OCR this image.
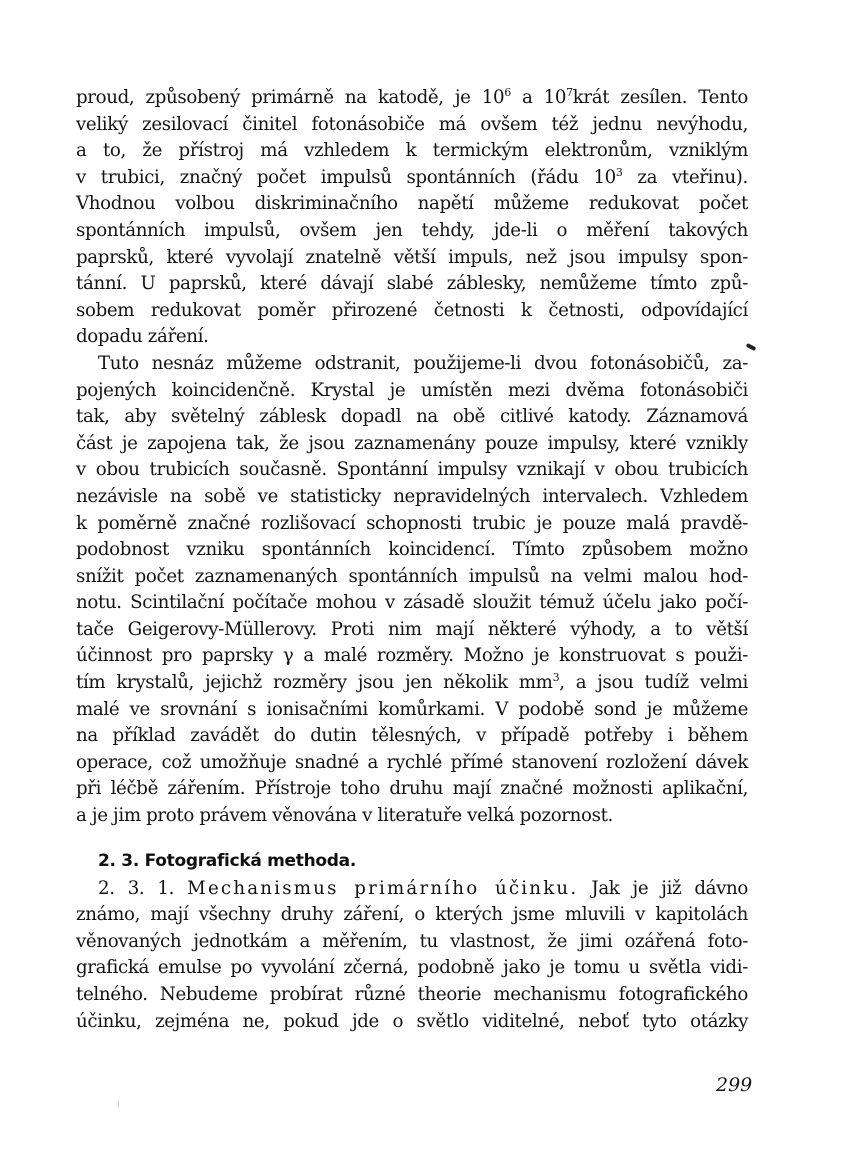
proud, způsobený primárně na katodě, je $10^6$ a $10^7krát$ zesílen. Tento
veliký zesilovací činitel fotonásobiče má ovšem též jednu nevýhodu,
a to, že přístroj má vzhledem k termickým elektronům, vzniklým
v trubici, značný počet impulsů spontánních (řádu $10^3$ za vteřinu).
Vhodnou volbou diskriminačního napětí můžeme redukovat počet
spontánních impulsů, ovšem jen tehdy, jde-li o měření takových
paprsků, které vyvolají znatelně větší impuls, než jsou impulsy spon-
tánní. U paprsků, které dávají slabé záblesky, nemůžeme tímto způ-
sobem redukovat poměr přirozené četnosti k četnosti, odpovídající
dopadu záření.
Tuto nesnáz můžeme odstranit, použijeme-li dvou fotonásobičů, za-
pojených koincidenčně. Krystal je umístěn mezi dvěma fotonásobiči
tak, aby světelný záblesk dopadl na obě citlivé katody. Záznamová
část je zapojena tak, že jsou zaznamenány pouze impulsy, které vznikly
v obou trubicích současně. Spontánní impulsy vznikají v obou trubicích
nezávisle na sobě ve statisticky nepravidelných intervalech. Vzhledem
k poměrně značné rozlišovací schopnosti trubic je pouze malá pravdě-
podobnost vzniku spontánních koincidencí. Tímto způsobem možno
snížit počet zaznamenaných spontánních impulsů na velmi malou hod-
notu. Scintilační počítače mohou v zásadě sloužit témuž účelu jako počí-
tače Geigerovy-Müllerovy. Proti nim mají některé výhody, a to větší
účinnost pro paprsky γ a malé rozměry. Možno je konstruovat s použi-
tím krystalů, jejichž rozměry jsou jen několik $mm^3$, a jsou tudíž velmi
malé ve srovnání s ionisačními komůrkami. V podobě sond je můžeme
na příklad zavádět do dutin tělesných, v případě potřeby i během
operace, což umožňuje snadné a rychlé přímé stanovení rozložení dávek
při léčbě zářením. Přístroje toho druhu mají značné možnosti aplikační,
a je jim proto právem věnována v literatuře velká pozornost.
2. 3. Fotografická methoda.
2. 3. 1. Mechanismus primárního účinku. Jak je již dávno
známo, mají všechny druhy záření, o kterých jsme mluvili v kapitolách
věnovaných jednotkám a měřením, tu vlastnost, že jimi ozářená foto-
grafická emulse po vyvolání zčerná, podobně jako je tomu u světla vidi-
telného. Nebudeme probírat různé theorie mechanismu fotografického
účinku, zejména ne, pokud jde o světlo viditelné, neboť tyto otázky
299
